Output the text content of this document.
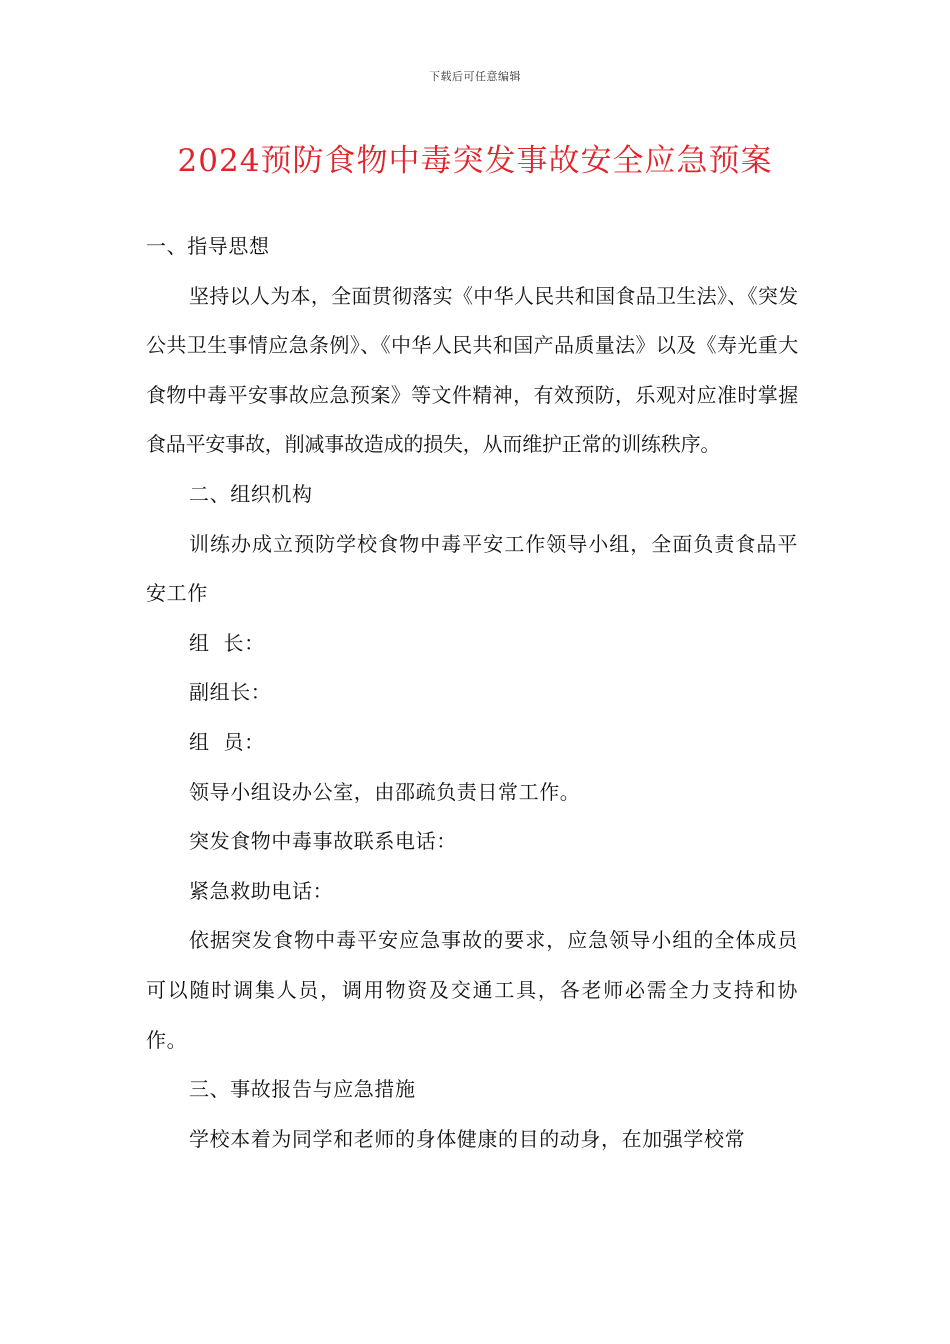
下载后可任意编辑
2024预防食物中毒突发事故安全应急预案

一、指导思想

坚持以人为本，全面贯彻落实《中华人民共和国食品卫生法》、《突发公共卫生事情应急条例》、《中华人民共和国产品质量法》以及《寿光重大食物中毒平安事故应急预案》等文件精神，有效预防，乐观对应准时掌握食品平安事故，削减事故造成的损失，从而维护正常的训练秩序。

二、组织机构

训练办成立预防学校食物中毒平安工作领导小组，全面负责食品平安工作

组  长：

副组长：

组  员：

领导小组设办公室，由邵疏负责日常工作。

突发食物中毒事故联系电话：

紧急救助电话：

依据突发食物中毒平安应急事故的要求，应急领导小组的全体成员可以随时调集人员，调用物资及交通工具，各老师必需全力支持和协作。

三、事故报告与应急措施

学校本着为同学和老师的身体健康的目的动身，在加强学校常
